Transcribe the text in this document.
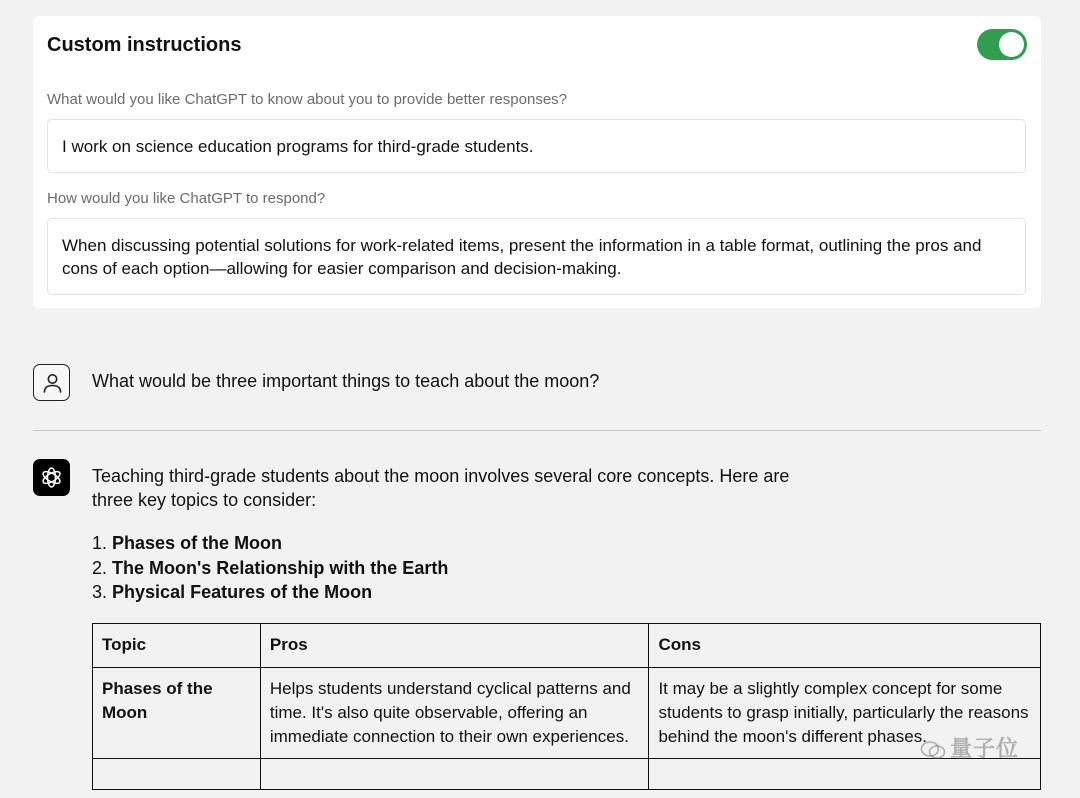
Custom instructions
What would you like ChatGPT to know about you to provide better responses?
I work on science education programs for third-grade students.
How would you like ChatGPT to respond?
When discussing potential solutions for work-related items, present the information in a table format, outlining the pros and cons of each option—allowing for easier comparison and decision-making.
What would be three important things to teach about the moon?
Teaching third-grade students about the moon involves several core concepts. Here are three key topics to consider:
1. Phases of the Moon
2. The Moon's Relationship with the Earth
3. Physical Features of the Moon
Topic	Pros	Cons
Phases of the Moon	Helps students understand cyclical patterns and time. It's also quite observable, offering an immediate connection to their own experiences.	It may be a slightly complex concept for some students to grasp initially, particularly the reasons behind the moon's different phases.
			量子位
